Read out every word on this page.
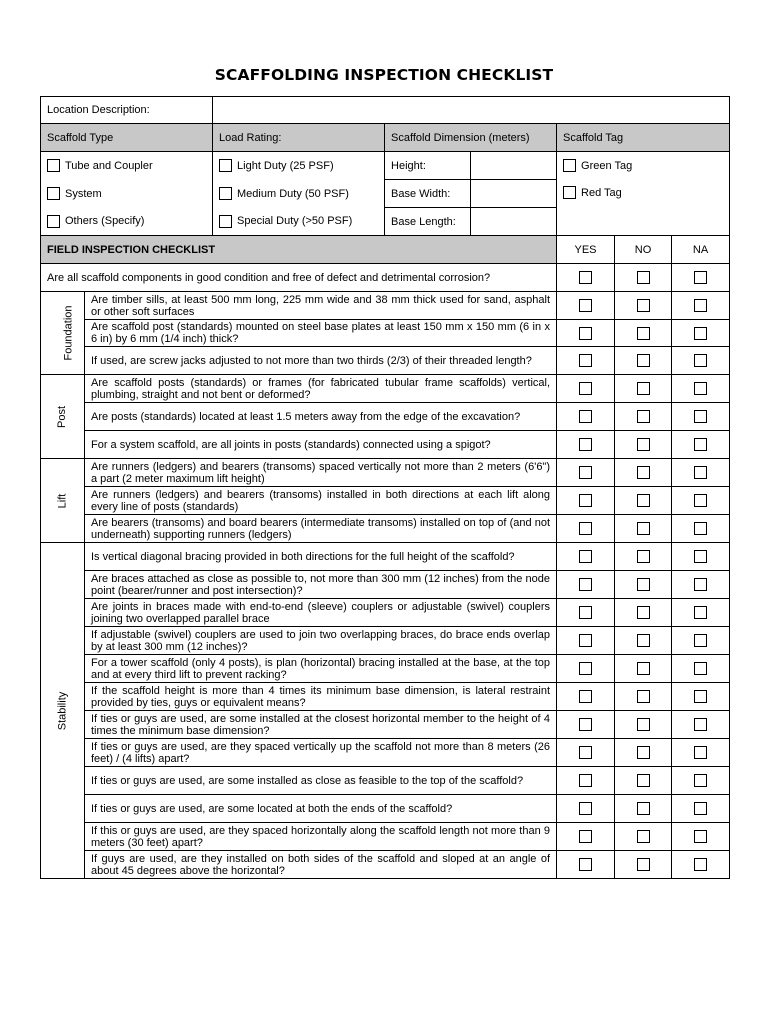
SCAFFOLDING INSPECTION CHECKLIST
Location Description:							
Scaffold Type		Load Rating:	Scaffold Dimension (meters)		Scaffold Tag		

Tube and Coupler		Light Duty (25 PSF)	Height:		Green Tag		

System		Medium Duty (50 PSF)	Base Width:		Red Tag		

Others (Specify)		Special Duty (>50 PSF)	Base Length:				
FIELD INSPECTION CHECKLIST					YES	NO	NA
Are all scaffold components in good condition and free of defect and detrimental corrosion?							
Foundation	Are timber sills, at least 500 mm long, 225 mm wide and 38 mm thick used for sand, asphalt or other soft surfaces						
	Are scaffold post (standards) mounted on steel base plates at least 150 mm x 150 mm (6 in x 6 in) by 6 mm (1/4 inch) thick?						
	If used, are screw jacks adjusted to not more than two thirds (2/3) of their threaded length?						
Post	Are scaffold posts (standards) or frames (for fabricated tubular frame scaffolds) vertical, plumbing, straight and not bent or deformed?						
	Are posts (standards) located at least 1.5 meters away from the edge of the excavation?						
	For a system scaffold, are all joints in posts (standards) connected using a spigot?						
Lift	Are runners (ledgers) and bearers (transoms) spaced vertically not more than 2 meters (6'6") a part (2 meter maximum lift height)						
	Are runners (ledgers) and bearers (transoms) installed in both directions at each lift along every line of posts (standards)						
	Are bearers (transoms) and board bearers (intermediate transoms) installed on top of (and not underneath) supporting runners (ledgers)						
Stability	Is vertical diagonal bracing provided in both directions for the full height of the scaffold?						
	Are braces attached as close as possible to, not more than 300 mm (12 inches) from the node point (bearer/runner and post intersection)?						
	Are joints in braces made with end-to-end (sleeve) couplers or adjustable (swivel) couplers joining two overlapped parallel brace						
	If adjustable (swivel) couplers are used to join two overlapping braces, do brace ends overlap by at least 300 mm (12 inches)?						
	For a tower scaffold (only 4 posts), is plan (horizontal) bracing installed at the base, at the top and at every third lift to prevent racking?						
	If the scaffold height is more than 4 times its minimum base dimension, is lateral restraint provided by ties, guys or equivalent means?						
	If ties or guys are used, are some installed at the closest horizontal member to the height of 4 times the minimum base dimension?						
	If ties or guys are used, are they spaced vertically up the scaffold not more than 8 meters (26 feet) / (4 lifts) apart?						
	If ties or guys are used, are some installed as close as feasible to the top of the scaffold?						
	If ties or guys are used, are some located at both the ends of the scaffold?						
	If this or guys are used, are they spaced horizontally along the scaffold length not more than 9 meters (30 feet) apart?						
	If guys are used, are they installed on both sides of the scaffold and sloped at an angle of about 45 degrees above the horizontal?						
